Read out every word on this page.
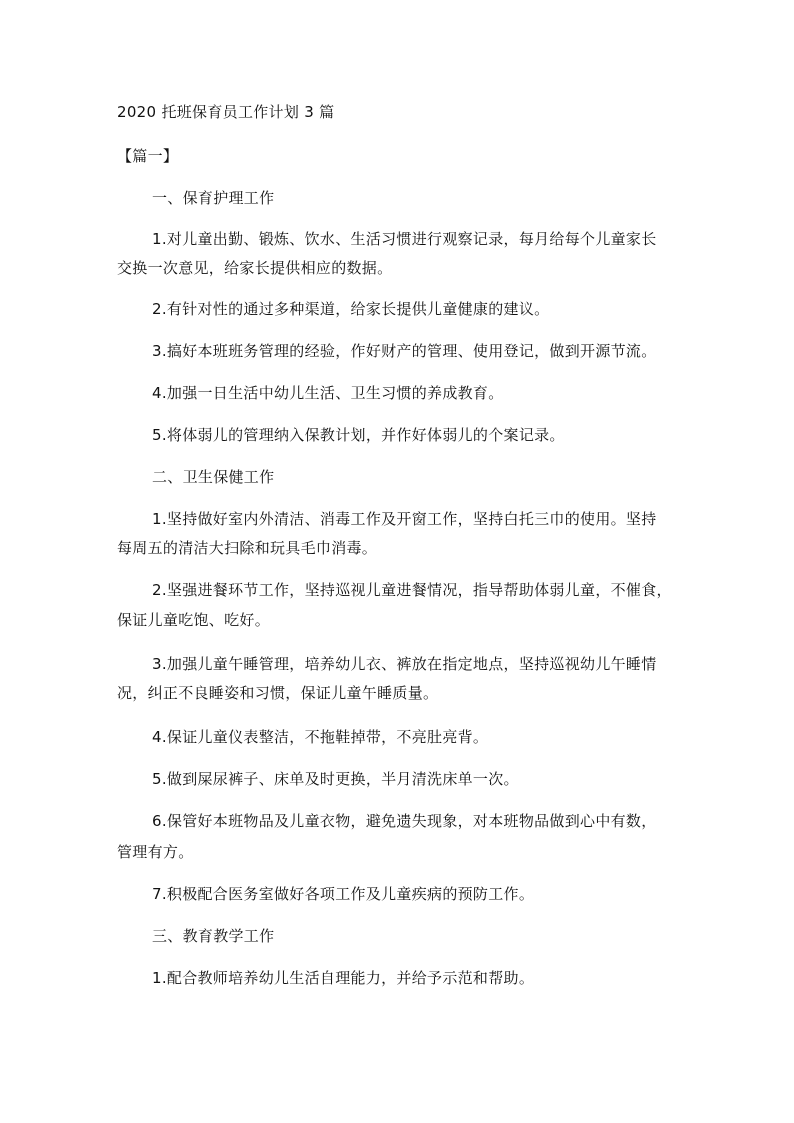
2020 托班保育员工作计划 3 篇
【篇一】
一、保育护理工作
1.对儿童出勤、锻炼、饮水、生活习惯进行观察记录，每月给每个儿童家长
交换一次意见，给家长提供相应的数据。
2.有针对性的通过多种渠道，给家长提供儿童健康的建议。
3.搞好本班班务管理的经验，作好财产的管理、使用登记，做到开源节流。
4.加强一日生活中幼儿生活、卫生习惯的养成教育。
5.将体弱儿的管理纳入保教计划，并作好体弱儿的个案记录。
二、卫生保健工作
1.坚持做好室内外清洁、消毒工作及开窗工作，坚持白托三巾的使用。坚持
每周五的清洁大扫除和玩具毛巾消毒。
2.坚强进餐环节工作，坚持巡视儿童进餐情况，指导帮助体弱儿童，不催食，
保证儿童吃饱、吃好。
3.加强儿童午睡管理，培养幼儿衣、裤放在指定地点，坚持巡视幼儿午睡情
况，纠正不良睡姿和习惯，保证儿童午睡质量。
4.保证儿童仪表整洁，不拖鞋掉带，不亮肚亮背。
5.做到屎尿裤子、床单及时更换，半月清洗床单一次。
6.保管好本班物品及儿童衣物，避免遗失现象，对本班物品做到心中有数，
管理有方。
7.积极配合医务室做好各项工作及儿童疾病的预防工作。
三、教育教学工作
1.配合教师培养幼儿生活自理能力，并给予示范和帮助。
